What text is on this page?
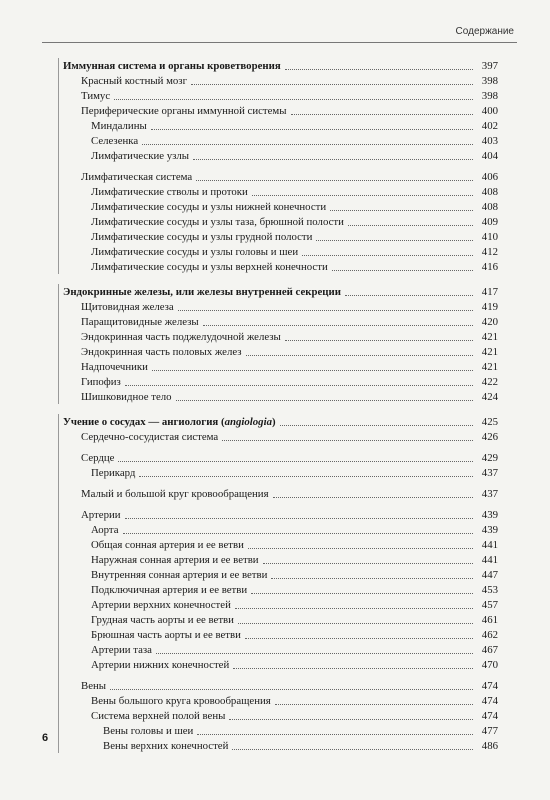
Содержание
Иммунная система и органы кроветворения	397
Красный костный мозг	398
Тимус	398
Периферические органы иммунной системы	400
Миндалины	402
Селезенка	403
Лимфатические узлы	404
Лимфатическая система	406
Лимфатические стволы и протоки	408
Лимфатические сосуды и узлы нижней конечности	408
Лимфатические сосуды и узлы таза, брюшной полости	409
Лимфатические сосуды и узлы грудной полости	410
Лимфатические сосуды и узлы головы и шеи	412
Лимфатические сосуды и узлы верхней конечности	416
Эндокринные железы, или железы внутренней секреции	417
Щитовидная железа	419
Паращитовидные железы	420
Эндокринная часть поджелудочной железы	421
Эндокринная часть половых желез	421
Надпочечники	421
Гипофиз	422
Шишковидное тело	424
Учение о сосудах — ангиология (angiologia)	425
Сердечно-сосудистая система	426
Сердце	429
Перикард	437
Малый и большой круг кровообращения	437
Артерии	439
Аорта	439
Общая сонная артерия и ее ветви	441
Наружная сонная артерия и ее ветви	441
Внутренняя сонная артерия и ее ветви	447
Подключичная артерия и ее ветви	453
Артерии верхних конечностей	457
Грудная часть аорты и ее ветви	461
Брюшная часть аорты и ее ветви	462
Артерии таза	467
Артерии нижних конечностей	470
Вены	474
Вены большого круга кровообращения	474
Система верхней полой вены	474
Вены головы и шеи	477
Вены верхних конечностей	486
6
